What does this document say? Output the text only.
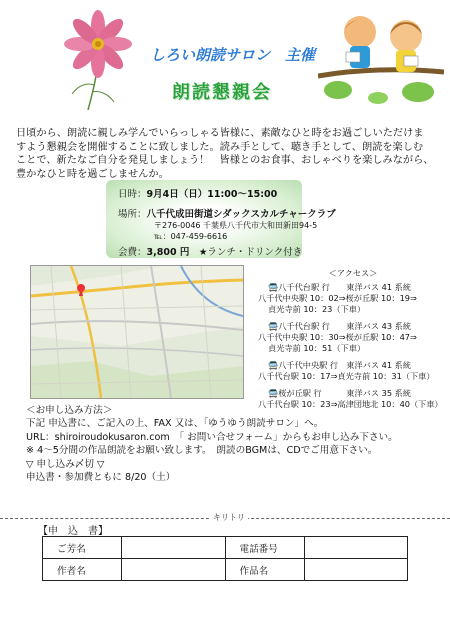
しろい朗読サロン　主催
朗読懇親会

日頃から、朗読に親しみ学んでいらっしゃる皆様に、素敵なひと時をお過ごしいただけま

すよう懇親会を開催することに致しました。読み手として、聴き手として、朗読を楽しむ

ことで、新たなご自分を発見しましょう！　皆様とのお食事、おしゃべりを楽しみながら、

豊かなひと時を過ごしませんか。

日時：9月4日（日）11:00〜15:00
場所：八千代成田街道シダックスカルチャークラブ
〒276-0046 千葉県八千代市大和田新田94-5
℡：047-459-6616
会費：3,800 円　 ★ランチ・ドリンク付き
＜アクセス＞
🚍八千代台駅 行　　東洋バス 41 系統
八千代中央駅 10：02⇒桜が丘駅 10：19⇒
貞光寺前 10：23（下車）
🚍八千代台駅 行　　東洋バス 43 系統
八千代中央駅 10：30⇒桜が丘駅 10：47⇒
貞光寺前 10：51（下車）
🚍八千代中央駅 行　東洋バス 41 系統
八千代台駅 10：17⇒貞光寺前 10：31（下車）
🚍桜が丘駅 行　　　東洋バス 35 系統
八千代台駅 10：23⇒高津団地北 10：40（下車）
＜お申し込み方法＞
下記 申込書に、ご記入の上、FAX 又は、「ゆうゆう朗読サロン」へ。
URL：shiroiroudokusaron.com　「 お問い合せフォーム」からもお申し込み下さい。
※ 4〜5分間の作品朗読をお願い致します。　朗読のBGMは、CDでご用意下さい。
▽ 申し込み〆切 ▽
申込書・参加費ともに 8/20（土）
キリトリ
【申　込　書】
ご芳名		電話番号	
作者名		作品名	
